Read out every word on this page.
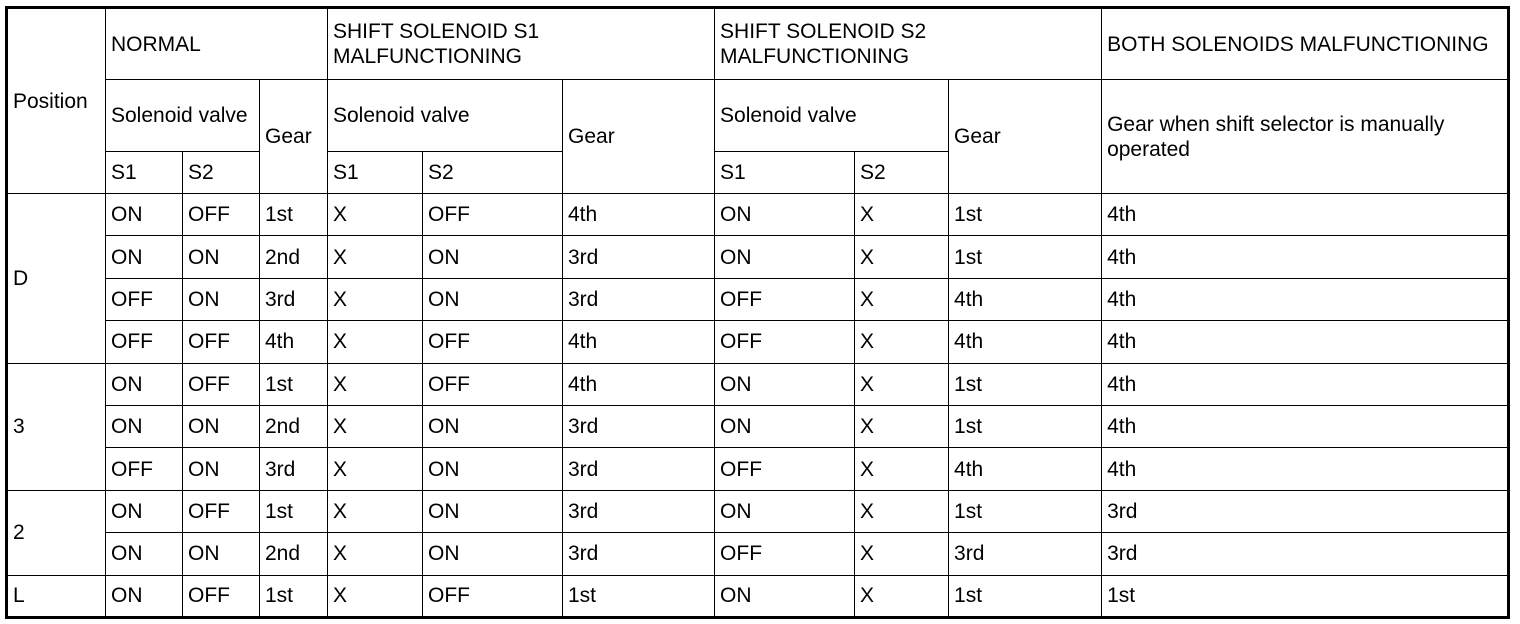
Position	NORMAL			SHIFT SOLENOID S1 MALFUNCTIONING			SHIFT SOLENOID S2 MALFUNCTIONING			BOTH SOLENOIDS MALFUNCTIONING
	Solenoid valve		Gear	Solenoid valve		Gear	Solenoid valve		Gear	Gear when shift selector is manually operated
	S1	S2		S1	S2		S1	S2		
D	ON	OFF	1st	X	OFF	4th	ON	X	1st	4th
	ON	ON	2nd	X	ON	3rd	ON	X	1st	4th
	OFF	ON	3rd	X	ON	3rd	OFF	X	4th	4th
	OFF	OFF	4th	X	OFF	4th	OFF	X	4th	4th
3	ON	OFF	1st	X	OFF	4th	ON	X	1st	4th
	ON	ON	2nd	X	ON	3rd	ON	X	1st	4th
	OFF	ON	3rd	X	ON	3rd	OFF	X	4th	4th
2	ON	OFF	1st	X	ON	3rd	ON	X	1st	3rd
	ON	ON	2nd	X	ON	3rd	OFF	X	3rd	3rd
L	ON	OFF	1st	X	OFF	1st	ON	X	1st	1st
